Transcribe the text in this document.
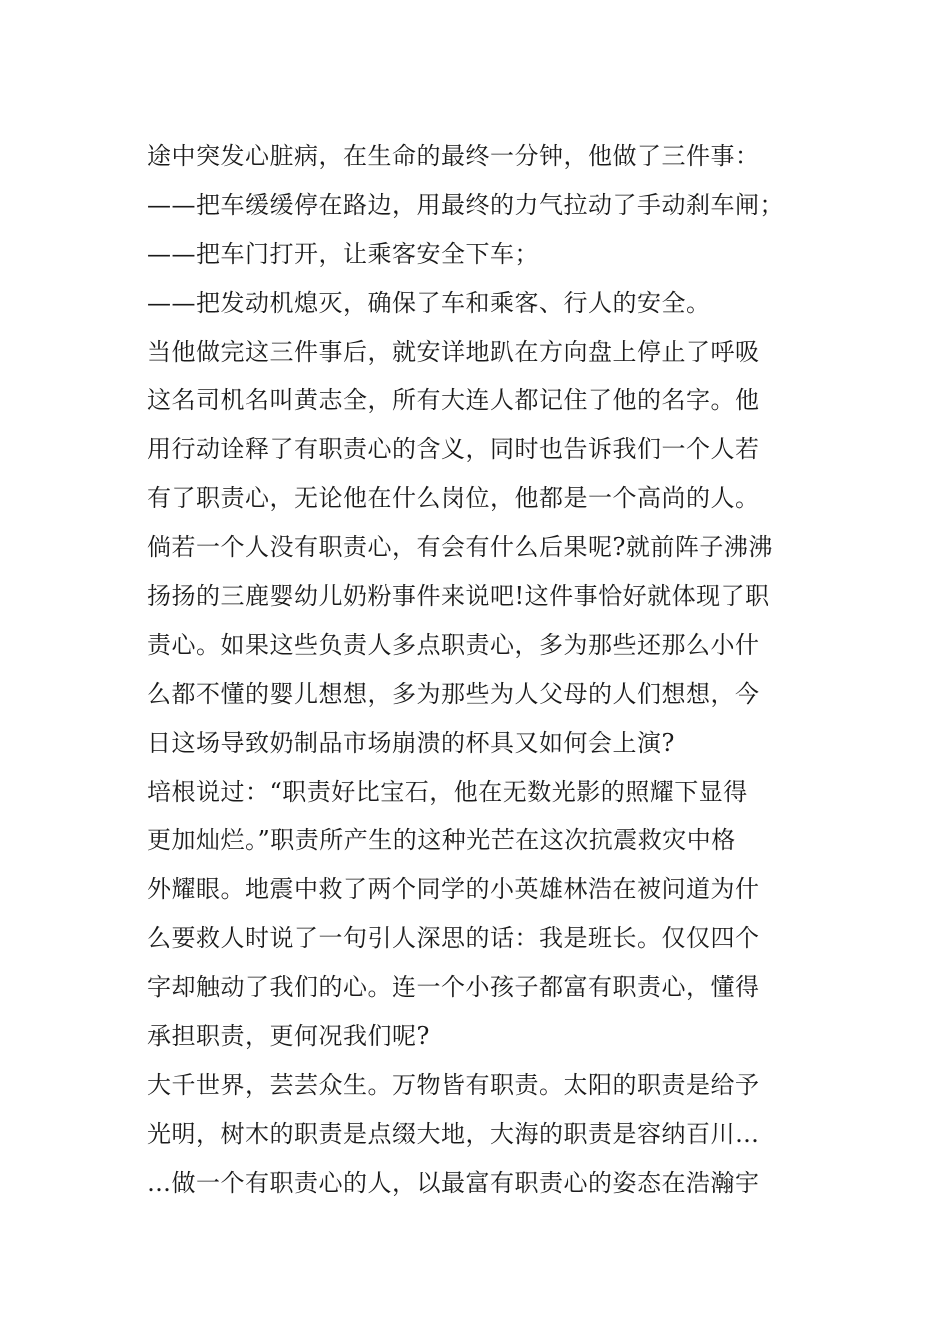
途中突发心脏病，在生命的最终一分钟，他做了三件事：
——把车缓缓停在路边，用最终的力气拉动了手动刹车闸；
——把车门打开，让乘客安全下车；
——把发动机熄灭，确保了车和乘客、行人的安全。
当他做完这三件事后，就安详地趴在方向盘上停止了呼吸
这名司机名叫黄志全，所有大连人都记住了他的名字。他
用行动诠释了有职责心的含义，同时也告诉我们一个人若
有了职责心，无论他在什么岗位，他都是一个高尚的人。
倘若一个人没有职责心，有会有什么后果呢?就前阵子沸沸
扬扬的三鹿婴幼儿奶粉事件来说吧!这件事恰好就体现了职
责心。如果这些负责人多点职责心，多为那些还那么小什
么都不懂的婴儿想想，多为那些为人父母的人们想想，今
日这场导致奶制品市场崩溃的杯具又如何会上演?
培根说过：“职责好比宝石，他在无数光影的照耀下显得
更加灿烂。”职责所产生的这种光芒在这次抗震救灾中格
外耀眼。地震中救了两个同学的小英雄林浩在被问道为什
么要救人时说了一句引人深思的话：我是班长。仅仅四个
字却触动了我们的心。连一个小孩子都富有职责心，懂得
承担职责，更何况我们呢?
大千世界，芸芸众生。万物皆有职责。太阳的职责是给予
光明，树木的职责是点缀大地，大海的职责是容纳百川…
…做一个有职责心的人，以最富有职责心的姿态在浩瀚宇
